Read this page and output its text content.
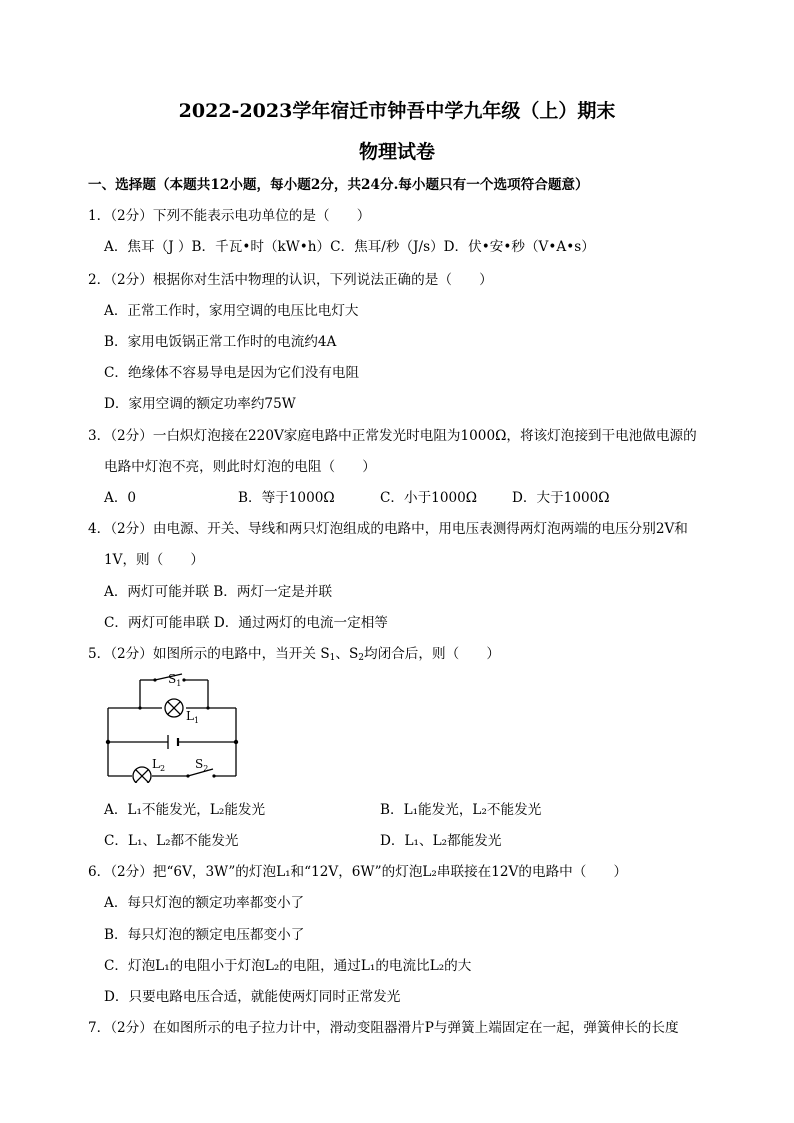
2022-2023学年宿迁市钟吾中学九年级（上）期末
物理试卷
一、选择题（本题共12小题，每小题2分，共24分.每小题只有一个选项符合题意）
1．（2分）下列不能表示电功单位的是（　　）
A．焦耳（J ）B．千瓦•时（kW•h）C．焦耳/秒（J/s）D．伏•安•秒（V•A•s）
2．（2分）根据你对生活中物理的认识，下列说法正确的是（　　）
A．正常工作时，家用空调的电压比电灯大
B．家用电饭锅正常工作时的电流约4A
C．绝缘体不容易导电是因为它们没有电阻
D．家用空调的额定功率约75W
3．（2分）一白炽灯泡接在220V家庭电路中正常发光时电阻为1000Ω，将该灯泡接到干电池做电源的
电路中灯泡不亮，则此时灯泡的电阻（　　）
A．0	B．等于1000Ω	C．小于1000Ω	D．大于1000Ω
4．（2分）由电源、开关、导线和两只灯泡组成的电路中，用电压表测得两灯泡两端的电压分别2V和
1V，则（　　）
A．两灯可能并联 B．两灯一定是并联
C．两灯可能串联 D．通过两灯的电流一定相等
5．（2分）如图所示的电路中，当开关 $S_1$、$S_2$均闭合后，则（　　）
$S_1$
$L_1$
$L_2$ $S_2$
A．L₁不能发光，L₂能发光	B．L₁能发光，L₂不能发光
C．L₁、L₂都不能发光	D．L₁、L₂都能发光
6．（2分）把“6V，3W”的灯泡L₁和“12V，6W”的灯泡L₂串联接在12V的电路中（　　）
A．每只灯泡的额定功率都变小了
B．每只灯泡的额定电压都变小了
C．灯泡L₁的电阻小于灯泡L₂的电阻，通过L₁的电流比L₂的大
D．只要电路电压合适，就能使两灯同时正常发光
7．（2分）在如图所示的电子拉力计中，滑动变阻器滑片P与弹簧上端固定在一起，弹簧伸长的长度
